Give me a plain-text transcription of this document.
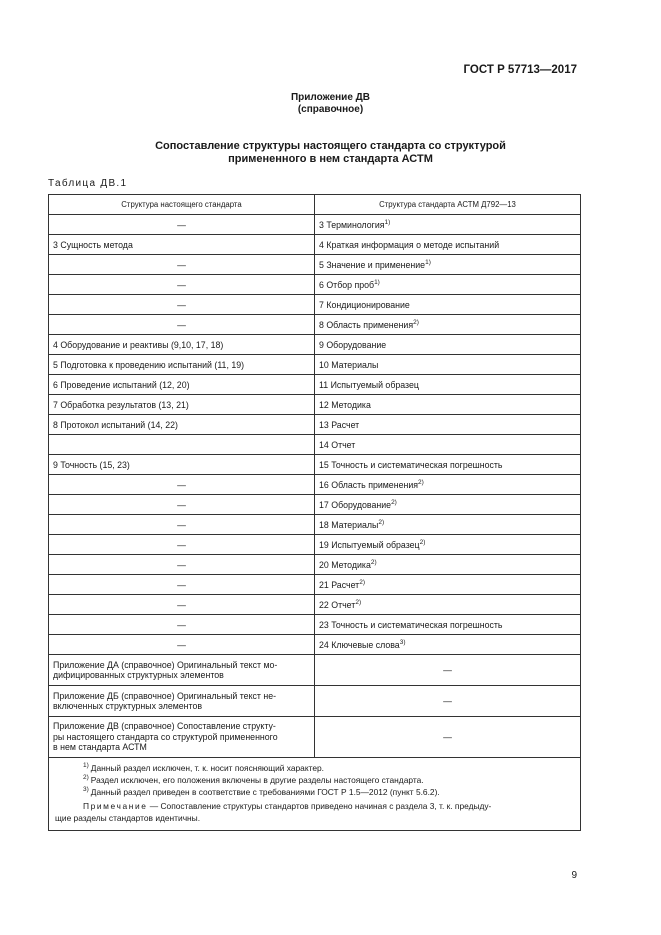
ГОСТ Р 57713—2017
Приложение ДВ
(справочное)
Сопоставление структуры настоящего стандарта со структурой
примененного в нем стандарта АСТМ
Таблица ДВ.1
Структура настоящего стандарта	Структура стандарта АСТМ Д792—13
—	3 Терминология$^{1)}$
3 Сущность метода	4 Краткая информация о методе испытаний
—	5 Значение и применение$^{1)}$
—	6 Отбор проб$^{1)}$
—	7 Кондиционирование
—	8 Область применения$^{2)}$
4 Оборудование и реактивы (9,10, 17, 18)	9 Оборудование
5 Подготовка к проведению испытаний (11, 19)	10 Материалы
6 Проведение испытаний (12, 20)	11 Испытуемый образец
7 Обработка результатов (13, 21)	12 Методика
8 Протокол испытаний (14, 22)	13 Расчет
	14 Отчет
9 Точность (15, 23)	15 Точность и систематическая погрешность
—	16 Область применения$^{2)}$
—	17 Оборудование$^{2)}$
—	18 Материалы$^{2)}$
—	19 Испытуемый образец$^{2)}$
—	20 Методика$^{2)}$
—	21 Расчет$^{2)}$
—	22 Отчет$^{2)}$
—	23 Точность и систематическая погрешность
—	24 Ключевые слова$^{3)}$
Приложение ДА (справочное) Оригинальный текст мо-
дифицированных структурных элементов	—
Приложение ДБ (справочное) Оригинальный текст не-
включенных структурных элементов	—
Приложение ДВ (справочное) Сопоставление структу-
ры настоящего стандарта со структурой примененного
в нем стандарта АСТМ	—

$^{1)}$ Данный раздел исключен, т. к. носит поясняющий характер.

$^{2)}$ Раздел исключен, его положения включены в другие разделы настоящего стандарта.

$^{3)}$ Данный раздел приведен в соответствие с требованиями ГОСТ Р 1.5—2012 (пункт 5.6.2).

Примечание — Сопоставление структуры стандартов приведено начиная с раздела 3, т. к. предыду-
щие разделы стандартов идентичны.	

9
